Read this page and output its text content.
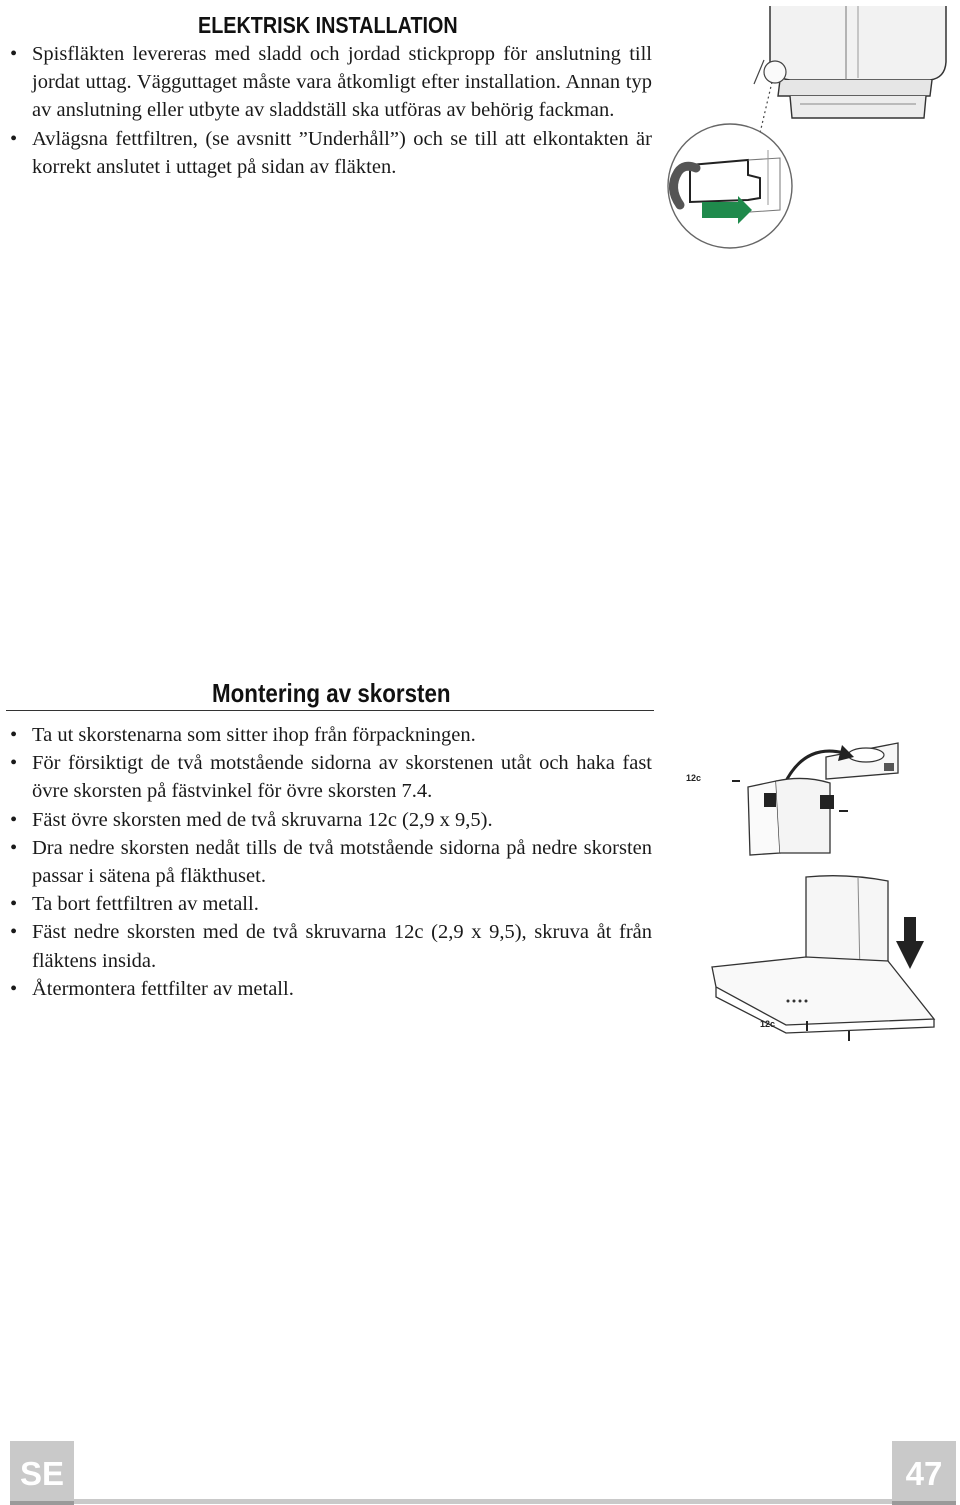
ELEKTRISK INSTALLATION
• Spisfläkten levereras med sladd och jordad stickpropp för anslutning till jordat uttag. Vägguttaget måste vara åtkomligt efter installation. Annan typ av anslutning eller utbyte av sladdställ ska utföras av behörig fackman.
• Avlägsna fettfiltren, (se avsnitt ”Underhåll”) och se till att elkontakten är korrekt anslutet i uttaget på sidan av fläkten.
Montering av skorsten
• Ta ut skorstenarna som sitter ihop från förpackningen.
• För försiktigt de två motstående sidorna av skorstenen utåt och haka fast övre skorsten på fästvinkel för övre skorsten 7.4.
• Fäst övre skorsten med de två skruvarna 12c (2,9 x 9,5).
• Dra nedre skorsten nedåt tills de två motstående sidorna på nedre skorsten passar i sätena på fläkthuset.
• Ta bort fettfiltren av metall.
• Fäst nedre skorsten med de två skruvarna 12c (2,9 x 9,5), skruva åt från fläktens insida.
• Återmontera fettfilter av metall.
12c
12c
SE	47
